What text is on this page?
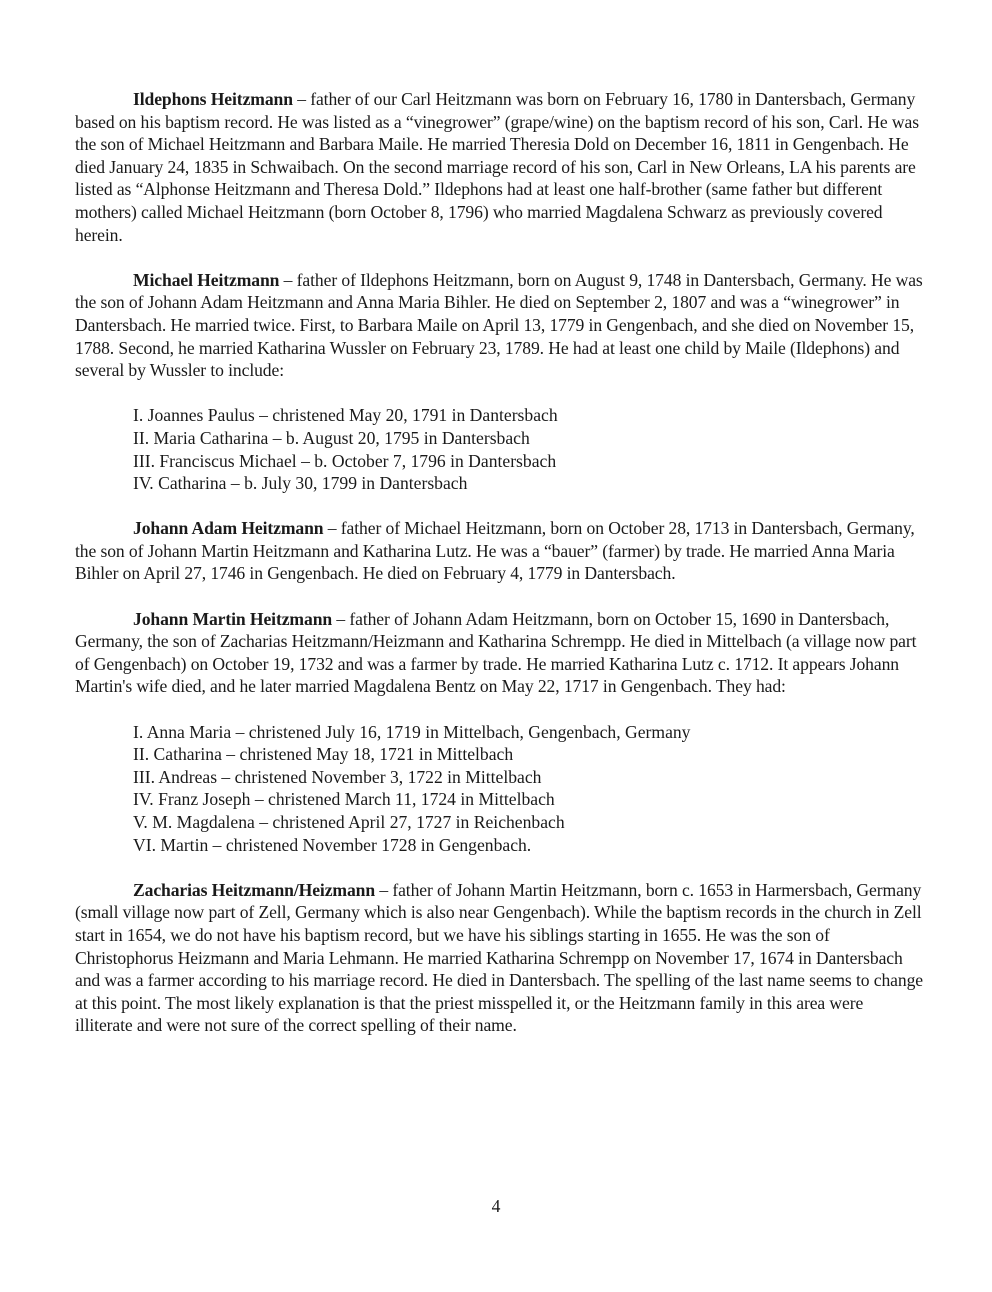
Ildephons Heitzmann – father of our Carl Heitzmann was born on February 16, 1780 in Dantersbach, Germany based on his baptism record. He was listed as a “vinegrower” (grape/wine) on the baptism record of his son, Carl. He was the son of Michael Heitzmann and Barbara Maile. He married Theresia Dold on December 16, 1811 in Gengenbach. He died January 24, 1835 in Schwaibach. On the second marriage record of his son, Carl in New Orleans, LA his parents are listed as “Alphonse Heitzmann and Theresa Dold.” Ildephons had at least one half-brother (same father but different mothers) called Michael Heitzmann (born October 8, 1796) who married Magdalena Schwarz as previously covered herein.

Michael Heitzmann – father of Ildephons Heitzmann, born on August 9, 1748 in Dantersbach, Germany. He was the son of Johann Adam Heitzmann and Anna Maria Bihler. He died on September 2, 1807 and was a “winegrower” in Dantersbach. He married twice. First, to Barbara Maile on April 13, 1779 in Gengenbach, and she died on November 15, 1788. Second, he married Katharina Wussler on February 23, 1789. He had at least one child by Maile (Ildephons) and several by Wussler to include:

I. Joannes Paulus – christened May 20, 1791 in Dantersbach
II. Maria Catharina – b. August 20, 1795 in Dantersbach
III. Franciscus Michael – b. October 7, 1796 in Dantersbach
IV. Catharina – b. July 30, 1799 in Dantersbach

Johann Adam Heitzmann – father of Michael Heitzmann, born on October 28, 1713 in Dantersbach, Germany, the son of Johann Martin Heitzmann and Katharina Lutz. He was a “bauer” (farmer) by trade. He married Anna Maria Bihler on April 27, 1746 in Gengenbach. He died on February 4, 1779 in Dantersbach.

Johann Martin Heitzmann – father of Johann Adam Heitzmann, born on October 15, 1690 in Dantersbach, Germany, the son of Zacharias Heitzmann/Heizmann and Katharina Schrempp. He died in Mittelbach (a village now part of Gengenbach) on October 19, 1732 and was a farmer by trade. He married Katharina Lutz c. 1712. It appears Johann Martin's wife died, and he later married Magdalena Bentz on May 22, 1717 in Gengenbach. They had:

I. Anna Maria – christened July 16, 1719 in Mittelbach, Gengenbach, Germany
II. Catharina – christened May 18, 1721 in Mittelbach
III. Andreas – christened November 3, 1722 in Mittelbach
IV. Franz Joseph – christened March 11, 1724 in Mittelbach
V. M. Magdalena – christened April 27, 1727 in Reichenbach
VI. Martin – christened November 1728 in Gengenbach.

Zacharias Heitzmann/Heizmann – father of Johann Martin Heitzmann, born c. 1653 in Harmersbach, Germany (small village now part of Zell, Germany which is also near Gengenbach). While the baptism records in the church in Zell start in 1654, we do not have his baptism record, but we have his siblings starting in 1655. He was the son of Christophorus Heizmann and Maria Lehmann. He married Katharina Schrempp on November 17, 1674 in Dantersbach and was a farmer according to his marriage record. He died in Dantersbach. The spelling of the last name seems to change at this point. The most likely explanation is that the priest misspelled it, or the Heitzmann family in this area were illiterate and were not sure of the correct spelling of their name.

4
